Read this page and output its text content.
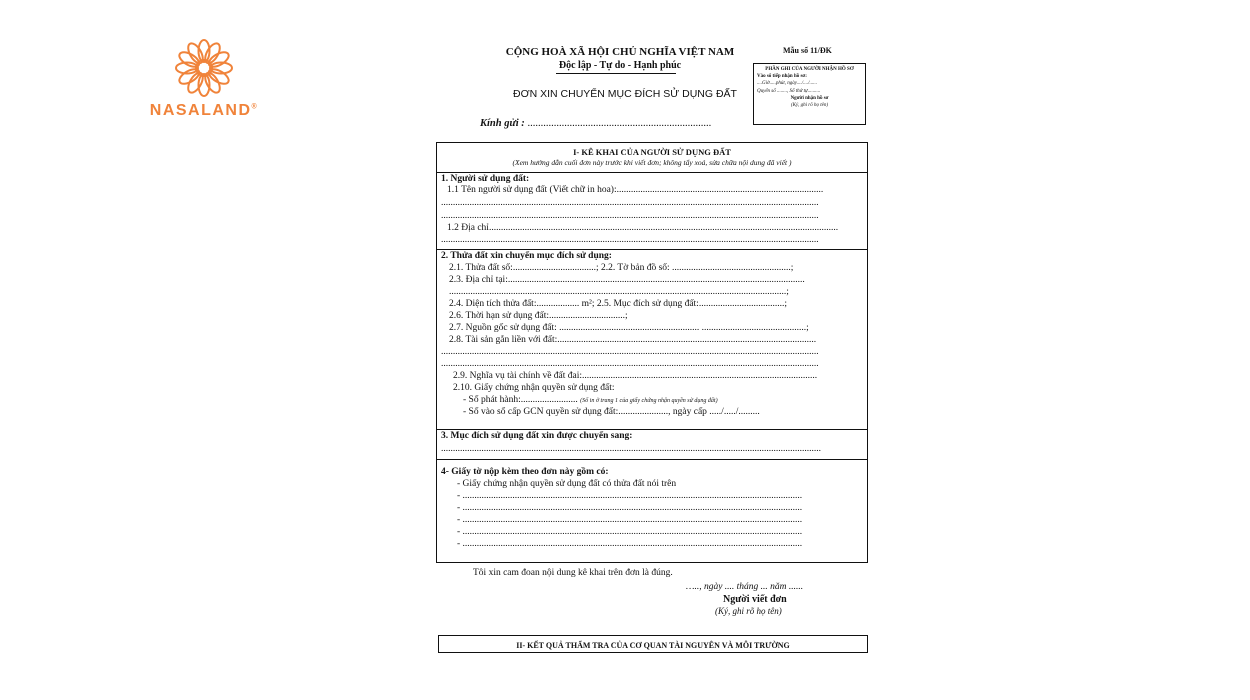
NASALAND®
CỘNG HOÀ XÃ HỘI CHỦ NGHĨA VIỆT NAM
Độc lập - Tự do - Hạnh phúc
ĐƠN XIN CHUYỂN MỤC ĐÍCH SỬ DỤNG ĐẤT
Kính gửi : ......................................................................
Mẫu số 11/ĐK
PHẦN GHI CỦA NGƯỜI NHẬN HỒ SƠ
Vào sổ tiếp nhận hồ sơ:
....Giờ.....phút, ngày..../..../......
Quyển số ........, Số thứ tự..........
Người nhận hồ sơ
(Ký, ghi rõ họ tên)
I- KÊ KHAI CỦA NGƯỜI SỬ DỤNG ĐẤT
(Xem hướng dẫn cuối đơn này trước khi viết đơn; không tẩy xoá, sửa chữa nội dung đã viết )
1. Người sử dụng đất:
1.1 Tên người sử dụng đất (Viết chữ in hoa):.......................................................................................
...............................................................................................................................................................
...............................................................................................................................................................
1.2 Địa chỉ...................................................................................................................................................
...............................................................................................................................................................
2. Thửa đất xin chuyển mục đích sử dụng:
2.1. Thửa đất số:...................................; 2.2. Tờ bản đồ số: ..................................................;
2.3. Địa chỉ tại:.............................................................................................................................
..............................................................................................................................................;
2.4. Diện tích thửa đất:.................. m²; 2.5. Mục đích sử dụng đất:....................................;
2.6. Thời hạn sử dụng đất:................................;
2.7. Nguồn gốc sử dụng đất: ........................................................... ............................................;
2.8. Tài sản gắn liền với đất:.............................................................................................................
...............................................................................................................................................................
...............................................................................................................................................................
2.9. Nghĩa vụ tài chính về đất đai:...................................................................................................
2.10. Giấy chứng nhận quyền sử dụng đất:
- Số phát hành:........................ (Số in ở trang 1 của giấy chứng nhận quyền sử dụng đất)
- Số vào sổ cấp GCN quyền sử dụng đất:....................., ngày cấp ...../...../.........
3. Mục đích sử dụng đất xin được chuyển sang:
................................................................................................................................................................
4- Giấy tờ nộp kèm theo đơn này gồm có:
- Giấy chứng nhận quyền sử dụng đất có thửa đất nói trên
- ...............................................................................................................................................
- ...............................................................................................................................................
- ...............................................................................................................................................
- ...............................................................................................................................................
- ...............................................................................................................................................
Tôi xin cam đoan nội dung kê khai trên đơn là đúng.
….., ngày .... tháng ... năm ......
Người viết đơn
(Ký, ghi rõ họ tên)
II- KẾT QUẢ THẨM TRA CỦA CƠ QUAN TÀI NGUYÊN VÀ MÔI TRƯỜNG
